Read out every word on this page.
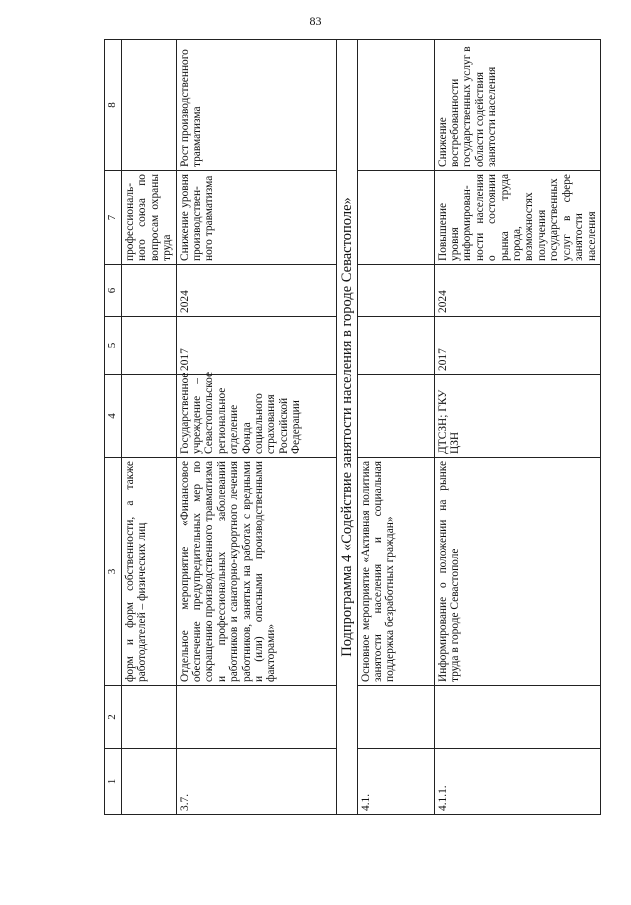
83
1	2	3	4	5	6	7	8
		форм и форм собственности, а также работодателей – физических лиц				профессионального союза по вопросам охраны труда	
3.7.		Отдельное мероприятие «Финансовое обеспечение предупредительных мер по сокращению производственного травматизма и профессиональных заболеваний работников и санаторно-курортного лечения работников, занятых на работах с вредными и (или) опасными производственными факторами»	Государственное учреждение – Севастопольское региональное отделение Фонда социального страхования Российской Федерации	2017	2024	Снижение уровня производственного травматизма	Рост производственного травматизма
Подпрограмма 4 «Содействие занятости населения в городе Севастополе»							
4.1.		Основное мероприятие «Активная политика занятости населения и социальная поддержка безработных граждан»					
4.1.1.		Информирование о положении на рынке труда в городе Севастополе	ДТСЗН; ГКУ ЦЗН	2017	2024	Повышение уровня информированности населения о состоянии рынка труда города, возможностях получения государственных услуг в сфере занятости населения	Снижение востребованности государственных услуг в области содействия занятости населения
